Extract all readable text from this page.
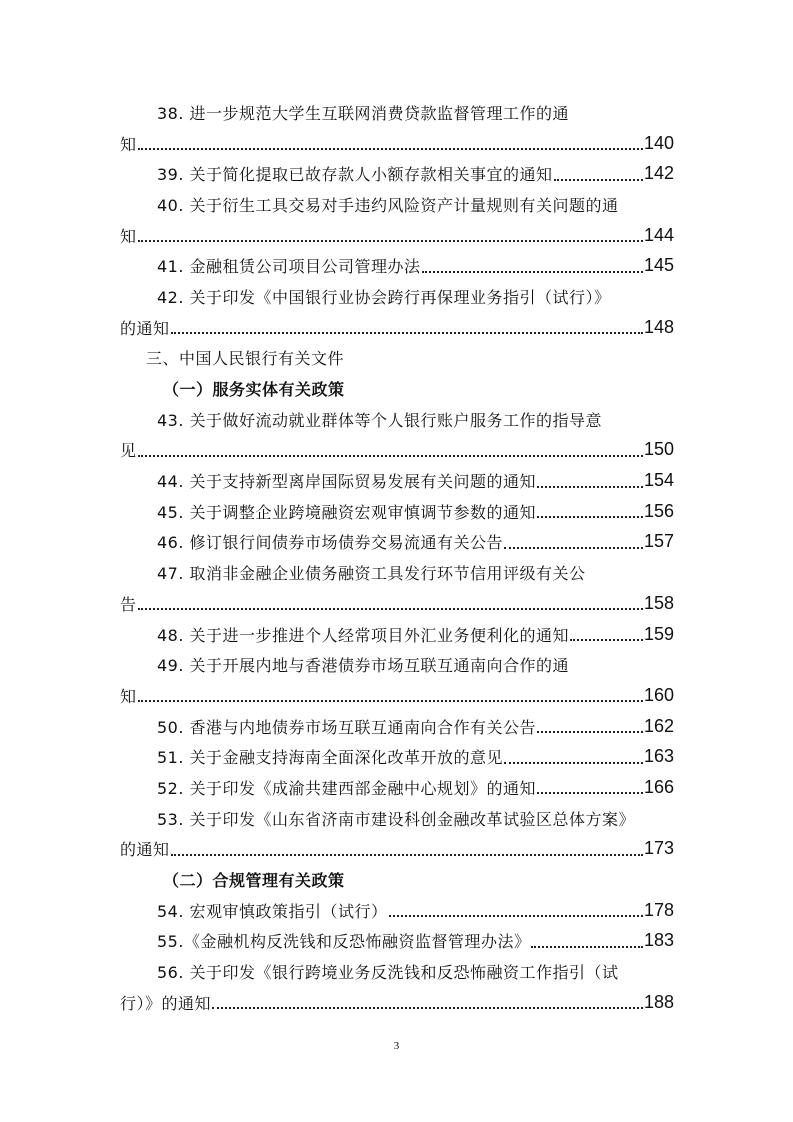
38. 进一步规范大学生互联网消费贷款监督管理工作的通
知	140
39. 关于简化提取已故存款人小额存款相关事宜的通知	142
40. 关于衍生工具交易对手违约风险资产计量规则有关问题的通
知	144
41. 金融租赁公司项目公司管理办法	145
42. 关于印发《中国银行业协会跨行再保理业务指引（试行）》
的通知	148
三、中国人民银行有关文件
（一）服务实体有关政策
43. 关于做好流动就业群体等个人银行账户服务工作的指导意
见	150
44. 关于支持新型离岸国际贸易发展有关问题的通知	154
45. 关于调整企业跨境融资宏观审慎调节参数的通知	156
46. 修订银行间债券市场债券交易流通有关公告	157
47. 取消非金融企业债务融资工具发行环节信用评级有关公
告	158
48. 关于进一步推进个人经常项目外汇业务便利化的通知	159
49. 关于开展内地与香港债券市场互联互通南向合作的通
知	160
50. 香港与内地债券市场互联互通南向合作有关公告	162
51. 关于金融支持海南全面深化改革开放的意见	163
52. 关于印发《成渝共建西部金融中心规划》的通知	166
53. 关于印发《山东省济南市建设科创金融改革试验区总体方案》
的通知	173
（二）合规管理有关政策
54. 宏观审慎政策指引（试行）	178
55.《金融机构反洗钱和反恐怖融资监督管理办法》	183
56. 关于印发《银行跨境业务反洗钱和反恐怖融资工作指引（试
行）》的通知	188
3
